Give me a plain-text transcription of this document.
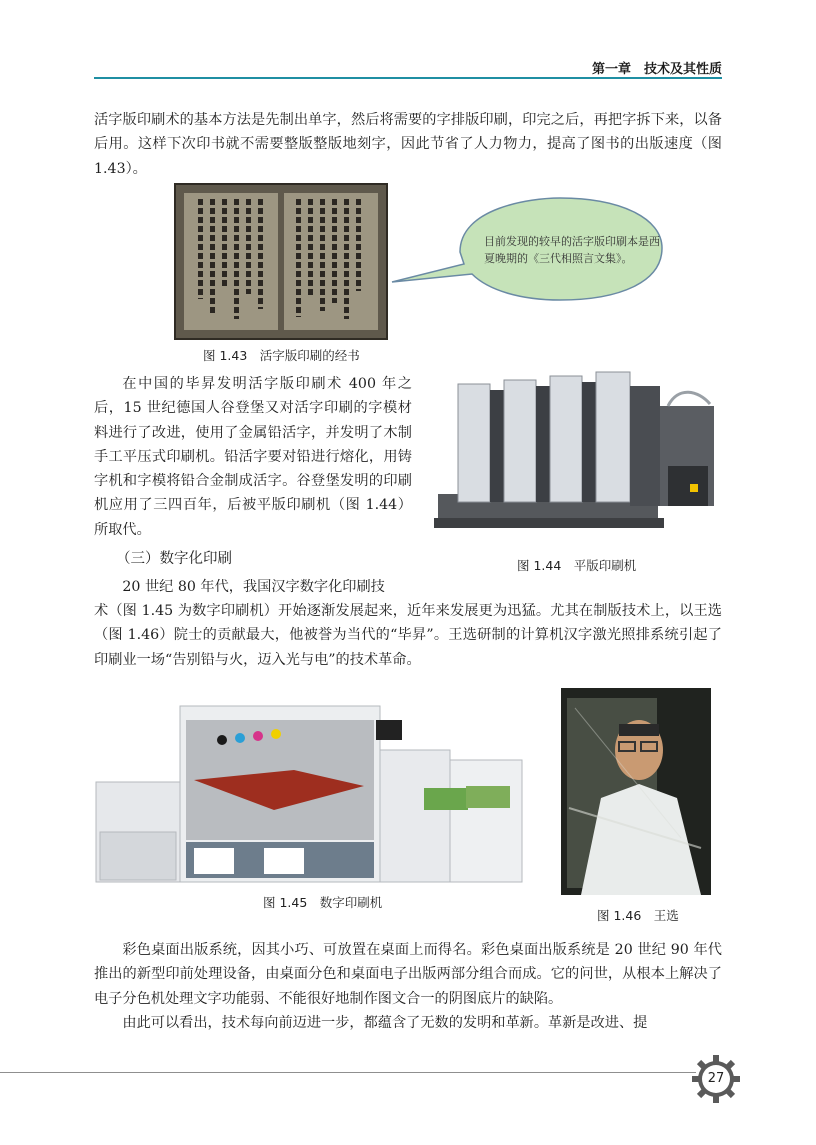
第一章　技术及其性质

活字版印刷术的基本方法是先制出单字，然后将需要的字排版印刷，印完之后，再把字拆下来，以备后用。这样下次印书就不需要整版整版地刻字，因此节省了人力物力，提高了图书的出版速度（图 1.43）。

目前发现的较早的活字版印刷本是西夏晚期的《三代相照言文集》。
图 1.43　活字版印刷的经书

在中国的毕昇发明活字版印刷术 400 年之后，15 世纪德国人谷登堡又对活字印刷的字模材料进行了改进，使用了金属铅活字，并发明了木制手工平压式印刷机。铅活字要对铅进行熔化，用铸字机和字模将铅合金制成活字。谷登堡发明的印刷机应用了三四百年，后被平版印刷机（图 1.44）所取代。

（三）数字化印刷	图 1.44　平版印刷机

20 世纪 80 年代，我国汉字数字化印刷技

术（图 1.45 为数字印刷机）开始逐渐发展起来，近年来发展更为迅猛。尤其在制版技术上，以王选（图 1.46）院士的贡献最大，他被誉为当代的“毕昇”。王选研制的计算机汉字激光照排系统引起了印刷业一场“告别铅与火，迈入光与电”的技术革命。

图 1.45　数字印刷机
图 1.46　王选

彩色桌面出版系统，因其小巧、可放置在桌面上而得名。彩色桌面出版系统是 20 世纪 90 年代推出的新型印前处理设备，由桌面分色和桌面电子出版两部分组合而成。它的问世，从根本上解决了电子分色机处理文字功能弱、不能很好地制作图文合一的阴图底片的缺陷。

由此可以看出，技术每向前迈进一步，都蕴含了无数的发明和革新。革新是改进、提

27
